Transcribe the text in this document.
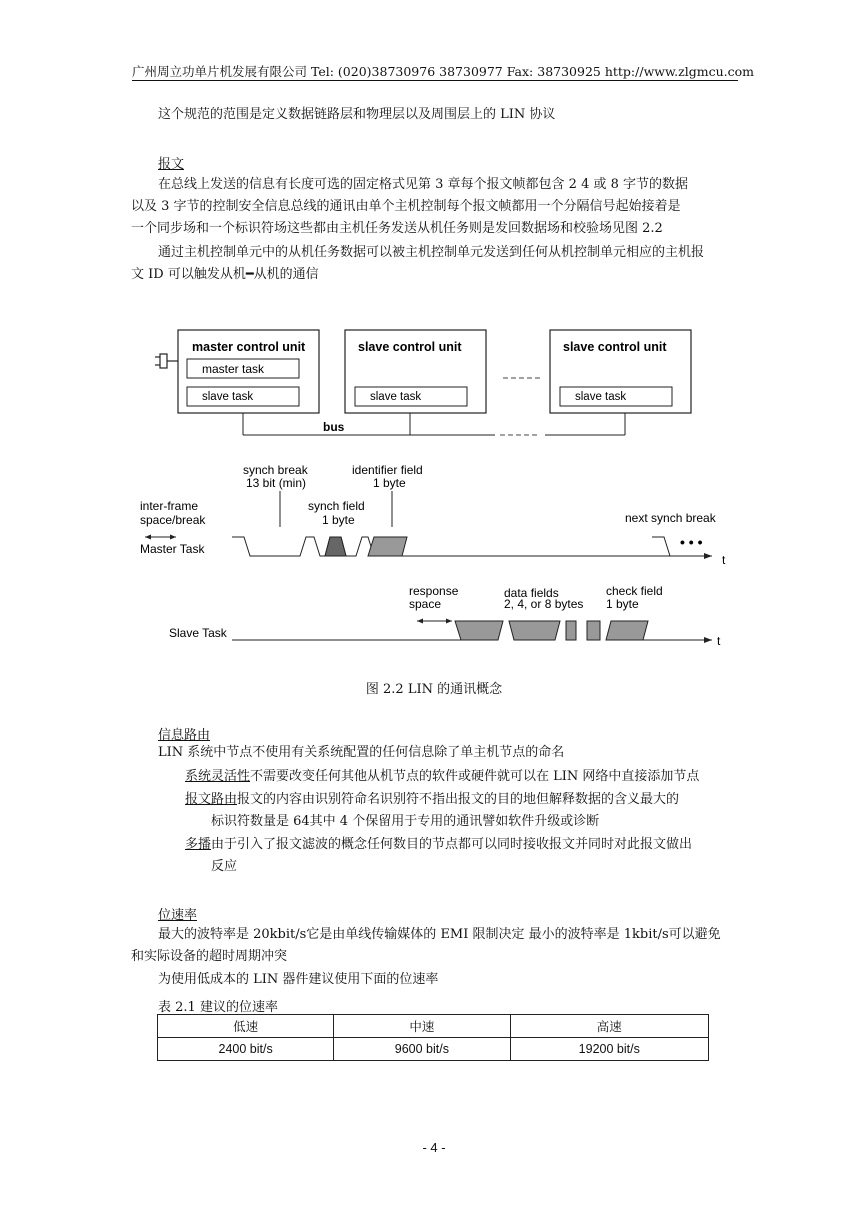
广州周立功单片机发展有限公司 Tel: (020)38730976 38730977 Fax: 38730925 http://www.zlgmcu.com
这个规范的范围是定义数据链路层和物理层以及周围层上的 LIN 协议
报文
在总线上发送的信息有长度可选的固定格式见第 3 章每个报文帧都包含 2 4 或 8 字节的数据
以及 3 字节的控制安全信息总线的通讯由单个主机控制每个报文帧都用一个分隔信号起始接着是
一个同步场和一个标识符场这些都由主机任务发送从机任务则是发回数据场和校验场见图 2.2
通过主机控制单元中的从机任务数据可以被主机控制单元发送到任何从机控制单元相应的主机报
文 ID 可以触发从机━从机的通信
master control unit
master task
slave task
slave control unit
slave task
slave control unit
slave task
bus
synch break
13 bit (min)
identifier field
1 byte
synch field
1 byte
inter-frame
space/break
Master Task
next synch break
• • •
t
response
space
data fields
2, 4, or 8 bytes
check field
1 byte
Slave Task
t
图 2.2 LIN 的通讯概念
信息路由
LIN 系统中节点不使用有关系统配置的任何信息除了单主机节点的命名
系统灵活性不需要改变任何其他从机节点的软件或硬件就可以在 LIN 网络中直接添加节点
报文路由报文的内容由识别符命名识别符不指出报文的目的地但解释数据的含义最大的
标识符数量是 64其中 4 个保留用于专用的通讯譬如软件升级或诊断
多播由于引入了报文滤波的概念任何数目的节点都可以同时接收报文并同时对此报文做出
反应
位速率
最大的波特率是 20kbit/s它是由单线传输媒体的 EMI 限制决定 最小的波特率是 1kbit/s可以避免
和实际设备的超时周期冲突
为使用低成本的 LIN 器件建议使用下面的位速率
表 2.1 建议的位速率
低速	中速	高速
2400 bit/s	9600 bit/s	19200 bit/s
- 4 -
